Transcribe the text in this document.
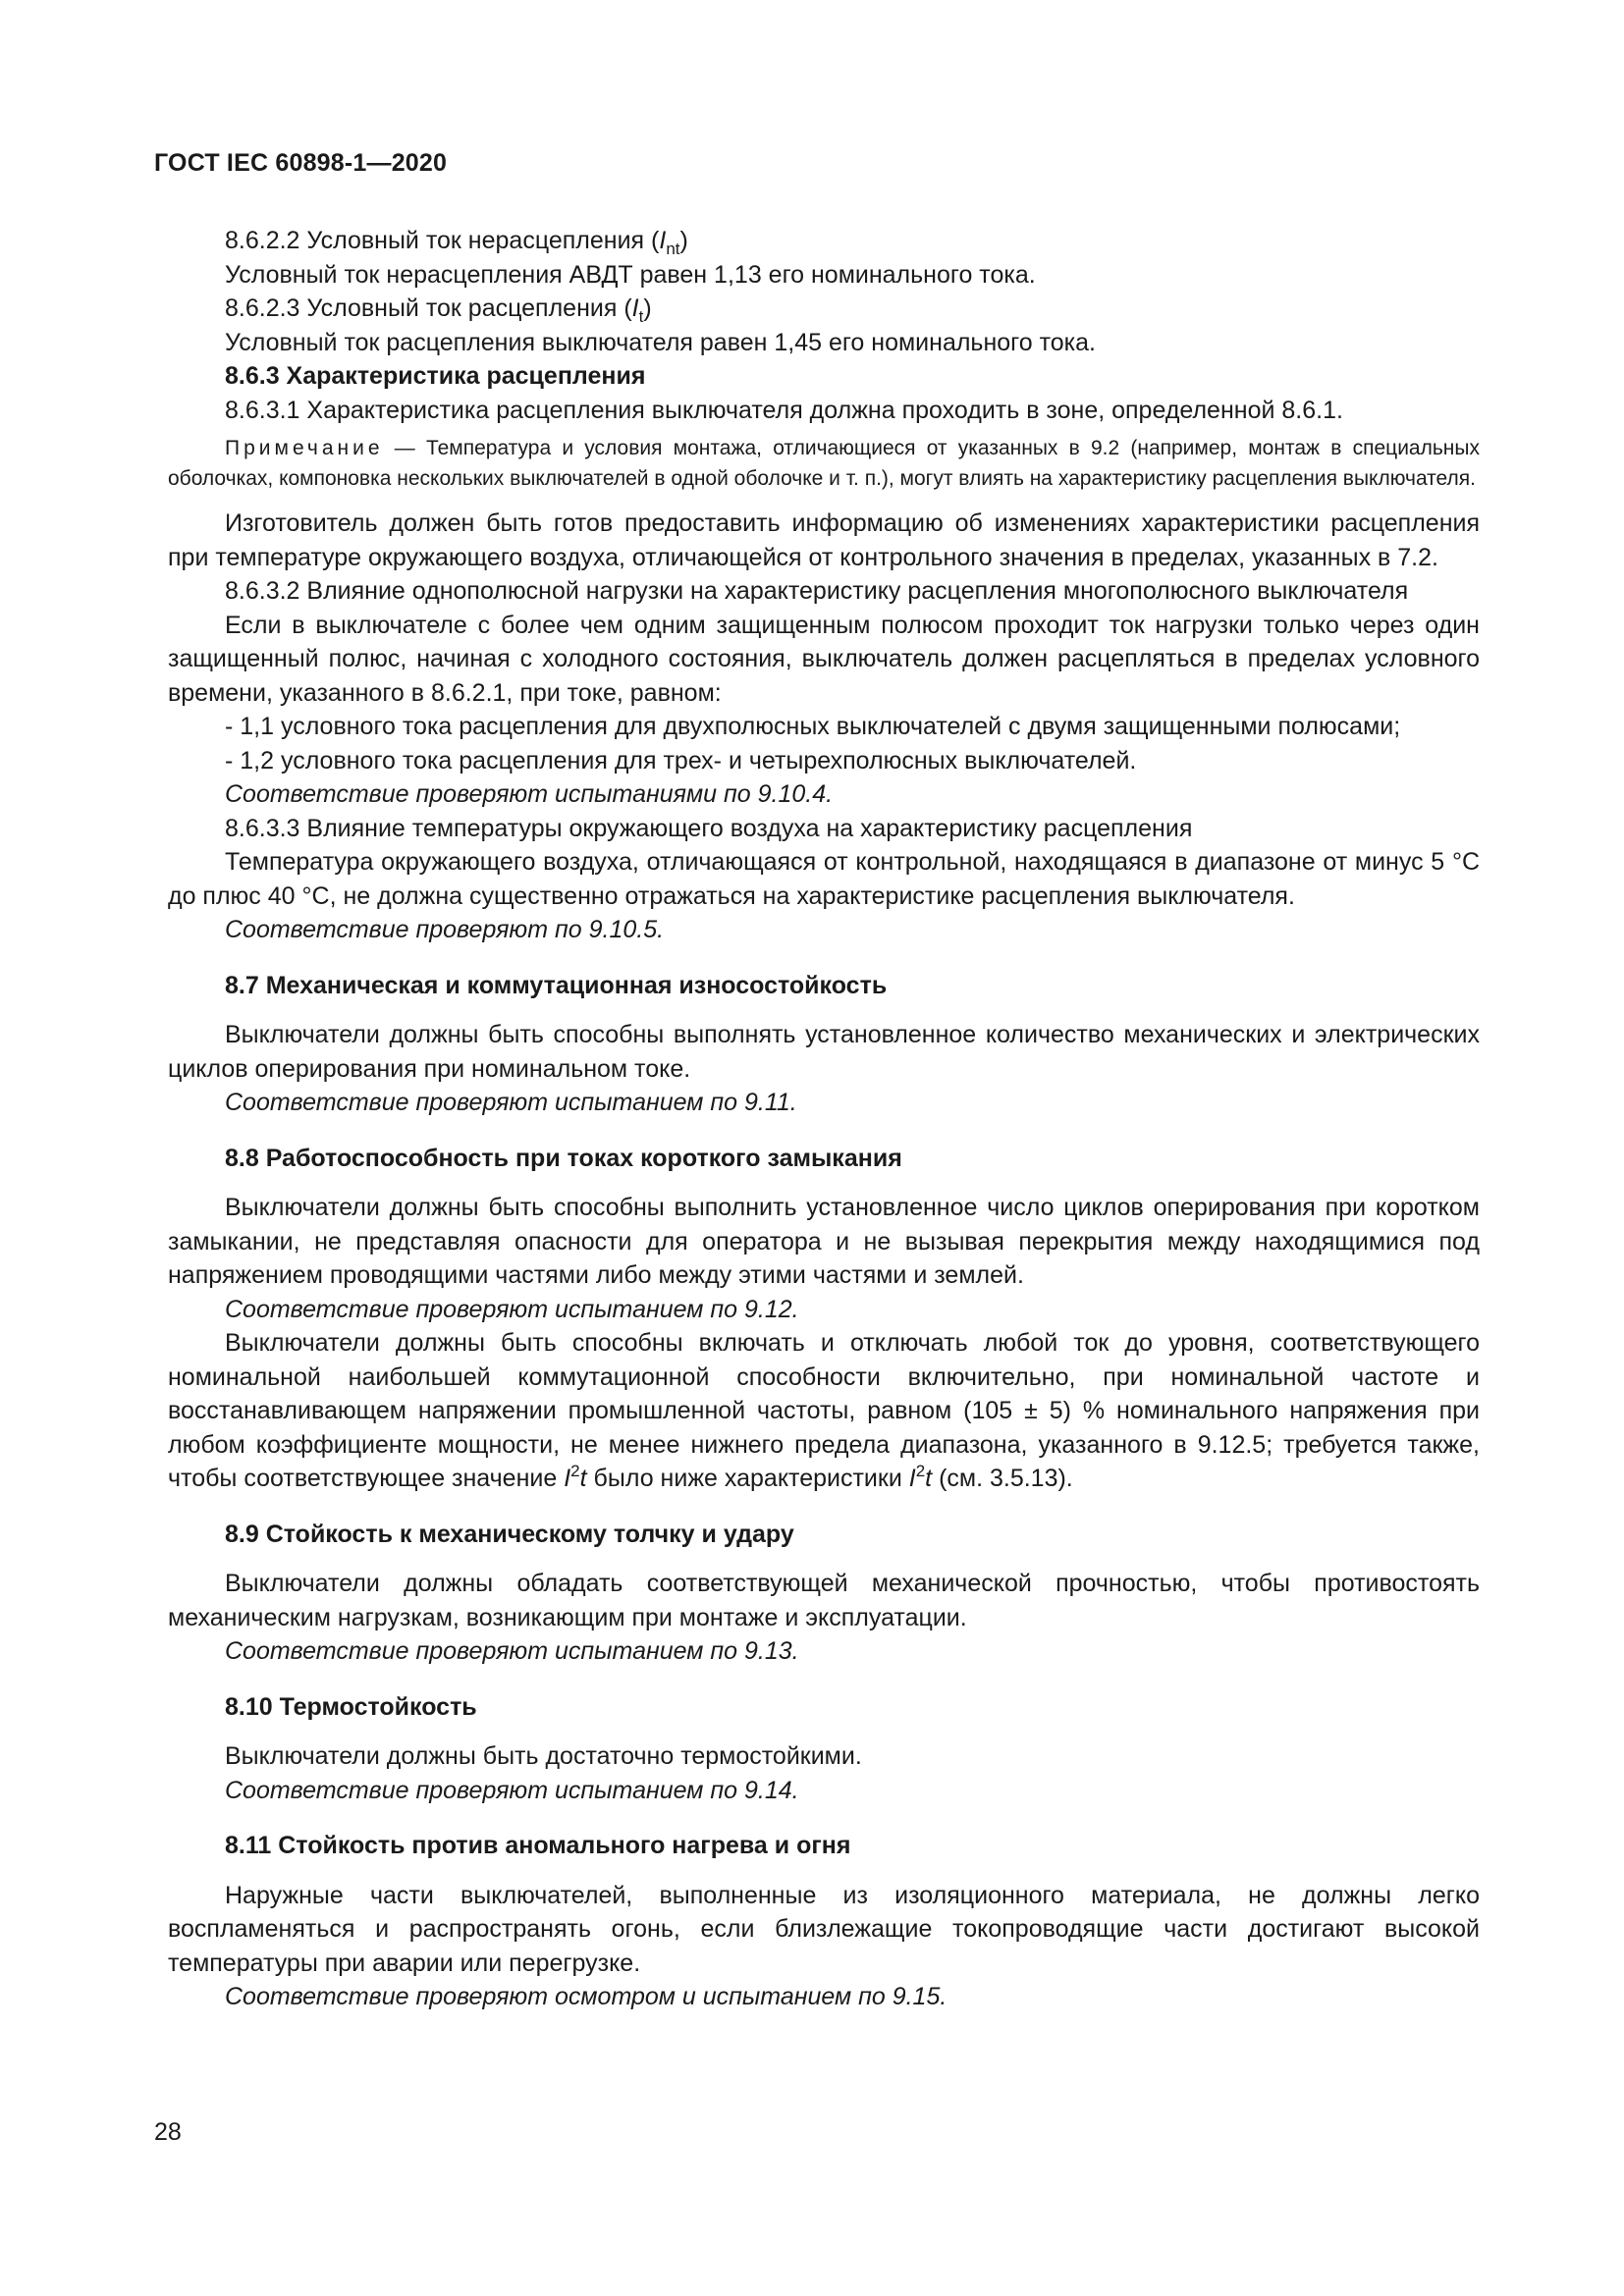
ГОСТ IEC 60898-1—2020

8.6.2.2 Условный ток нерасцепления $(I_{nt})$

Условный ток нерасцепления АВДТ равен 1,13 его номинального тока.

8.6.2.3 Условный ток расцепления $(I_t)$

Условный ток расцепления выключателя равен 1,45 его номинального тока.

8.6.3 Характеристика расцепления

8.6.3.1 Характеристика расцепления выключателя должна проходить в зоне, определенной 8.6.1.

Примечание — Температура и условия монтажа, отличающиеся от указанных в 9.2 (например, монтаж в специальных оболочках, компоновка нескольких выключателей в одной оболочке и т. п.), могут влиять на характеристику расцепления выключателя.

Изготовитель должен быть готов предоставить информацию об изменениях характеристики расцепления при температуре окружающего воздуха, отличающейся от контрольного значения в пределах, указанных в 7.2.

8.6.3.2 Влияние однополюсной нагрузки на характеристику расцепления многополюсного выключателя

Если в выключателе с более чем одним защищенным полюсом проходит ток нагрузки только через один защищенный полюс, начиная с холодного состояния, выключатель должен расцепляться в пределах условного времени, указанного в 8.6.2.1, при токе, равном:

- 1,1 условного тока расцепления для двухполюсных выключателей с двумя защищенными полюсами;

- 1,2 условного тока расцепления для трех- и четырехполюсных выключателей.

Соответствие проверяют испытаниями по 9.10.4.

8.6.3.3 Влияние температуры окружающего воздуха на характеристику расцепления

Температура окружающего воздуха, отличающаяся от контрольной, находящаяся в диапазоне от минус 5 °С до плюс 40 °С, не должна существенно отражаться на характеристике расцепления выключателя.

Соответствие проверяют по 9.10.5.

8.7 Механическая и коммутационная износостойкость

Выключатели должны быть способны выполнять установленное количество механических и электрических циклов оперирования при номинальном токе.

Соответствие проверяют испытанием по 9.11.

8.8 Работоспособность при токах короткого замыкания

Выключатели должны быть способны выполнить установленное число циклов оперирования при коротком замыкании, не представляя опасности для оператора и не вызывая перекрытия между находящимися под напряжением проводящими частями либо между этими частями и землей.

Соответствие проверяют испытанием по 9.12.

Выключатели должны быть способны включать и отключать любой ток до уровня, соответствующего номинальной наибольшей коммутационной способности включительно, при номинальной частоте и восстанавливающем напряжении промышленной частоты, равном (105 ± 5) % номинального напряжения при любом коэффициенте мощности, не менее нижнего предела диапазона, указанного в 9.12.5; требуется также, чтобы соответствующее значение $I^2t$ было ниже характеристики $I^2t$ (см. 3.5.13).

8.9 Стойкость к механическому толчку и удару

Выключатели должны обладать соответствующей механической прочностью, чтобы противостоять механическим нагрузкам, возникающим при монтаже и эксплуатации.

Соответствие проверяют испытанием по 9.13.

8.10 Термостойкость

Выключатели должны быть достаточно термостойкими.

Соответствие проверяют испытанием по 9.14.

8.11 Стойкость против аномального нагрева и огня

Наружные части выключателей, выполненные из изоляционного материала, не должны легко воспламеняться и распространять огонь, если близлежащие токопроводящие части достигают высокой температуры при аварии или перегрузке.

Соответствие проверяют осмотром и испытанием по 9.15.

28
